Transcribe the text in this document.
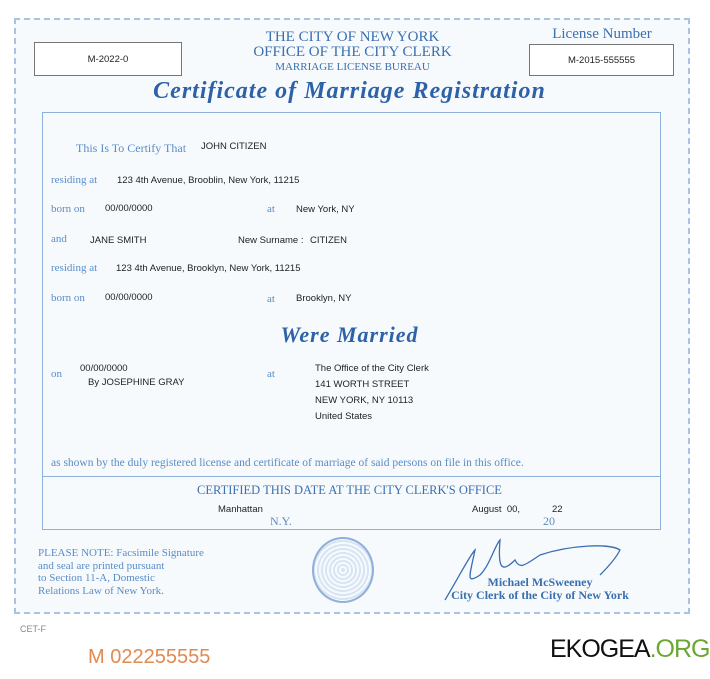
M-2022-0
THE CITY OF NEW YORK
OFFICE OF THE CITY CLERK
MARRIAGE LICENSE BUREAU
License Number
M-2015-555555
Certificate of Marriage Registration
This Is To Certify That JOHN CITIZEN
residing at 123 4th Avenue, Brooblin, New York, 11215
born on 00/00/0000	at New York, NY
and JANE SMITH	New Surname : CITIZEN
residing at 123 4th Avenue, Brooklyn, New York, 11215
born on 00/00/0000	at Brooklyn, NY
Were Married
on 00/00/0000
By JOSEPHINE GRAY
at	The Office of the City Clerk
141 WORTH STREET
NEW YORK, NY 10113
United States
as shown by the duly registered license and certificate of marriage of said persons on file in this office.
CERTIFIED THIS DATE AT THE CITY CLERK'S OFFICE
Manhattan
N.Y.
August  00,	22
20
PLEASE NOTE: Facsimile Signature
and seal are printed pursuant
to Section 11-A, Domestic
Relations Law of New York.
Michael McSweeney
City Clerk of the City of New York
CET-F
M 022255555	EKOGEA.ORG
